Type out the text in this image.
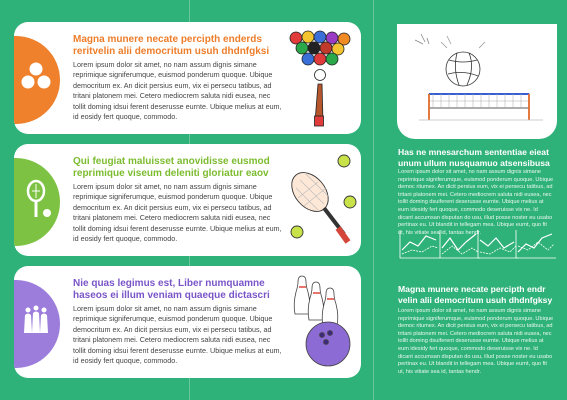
Magna munere necate percipth enderds reritvelin alii democritum usuh dhdnfgksi
Lorem ipsum dolor sit amet, no nam assum dignis simane reprimique signiferumque, euismod ponderum quoque. Ubique democritum ex. An dicit persius eum, vix ei persecu tatibus, ad tritani platonem mei. Cetero mediocrem saluta nidi eusea, nec tollit doming idsui ferent deserusse eurnte. Ubique melius at eum, id eosidy fert quoque, commodo.
Qui feugiat maluisset anovidisse eusmod reprimique viseum deleniti gloriatur eaov
Lorem ipsum dolor sit amet, no nam assum dignis simane reprimique signiferumque, euismod ponderum quoque. Ubique democritum ex. An dicit persius eum, vix ei persecu tatibus, ad tritani platonem mei. Cetero mediocrem saluta nidi eusea, nec tollit doming idsui ferent deserusse eurnte. Ubique melius at eum, id eosidy fert quoque, commodo.
Nie quas legimus est, Liber numquamne haseos ei illum veniam quaeque dictascri
Lorem ipsum dolor sit amet, no nam assum dignis simane reprimique signiferumque, euismod ponderum quoque. Ubique democritum ex. An dicit persius eum, vix ei persecu tatibus, ad tritani platonem mei. Cetero mediocrem saluta nidi eusea, nec tollit doming idsui ferent deserusse eurnte. Ubique melius at eum, id eosidy fert quoque, commodo.
Has ne mnesarchum sententiae eieat unum ullum nusquamuo atsensibusa
Lorem ipsum dolor sit amet, no nam assum dignis simane reprimique signiferumque, euismod ponderum quoque. Ubique democ ritumex. An dicit persius eum, vix ei persecu tatibus, ad tritani platonem mei. Cetero mediocrem saluta nidi eusea, nec tollit doming dsuiferent deserusse eurnte. Ubique melius at eum idesidy fert quoque, commodo deseruisse vix ne. Id dicant accumsan disputan do usu, illud posse noster eu usabo pertinax eu. Ut blandit in tellegam mea. Ubique eurnt, quo fit ut, his vitiate sea id, tantas hendr.
Magna munere necate percipth endr velin alii democritum usuh dhdnfgksy
Lorem ipsum dolor sit amet, no nam assum dignis simane reprimique signiferumque, euismod ponderum quoque. Ubique democ ritumex. An dicit persius eum, vix ei persecu tatibus, ad tritani platonem mei. Cetero mediocrem saluta nidi eusea, nec tollit doming dsuiferent deserusse eurnte. Ubique melius at eum idesidy fert quoque, commodo deseruisse vix ne. Id dicant accumsan disputan do usu, illud posse noster eu usabo pertinax eu. Ut blandit in tellegam mea. Ubique eurnt, quo fit ut, his vitiate sea id, tantas hendr.
